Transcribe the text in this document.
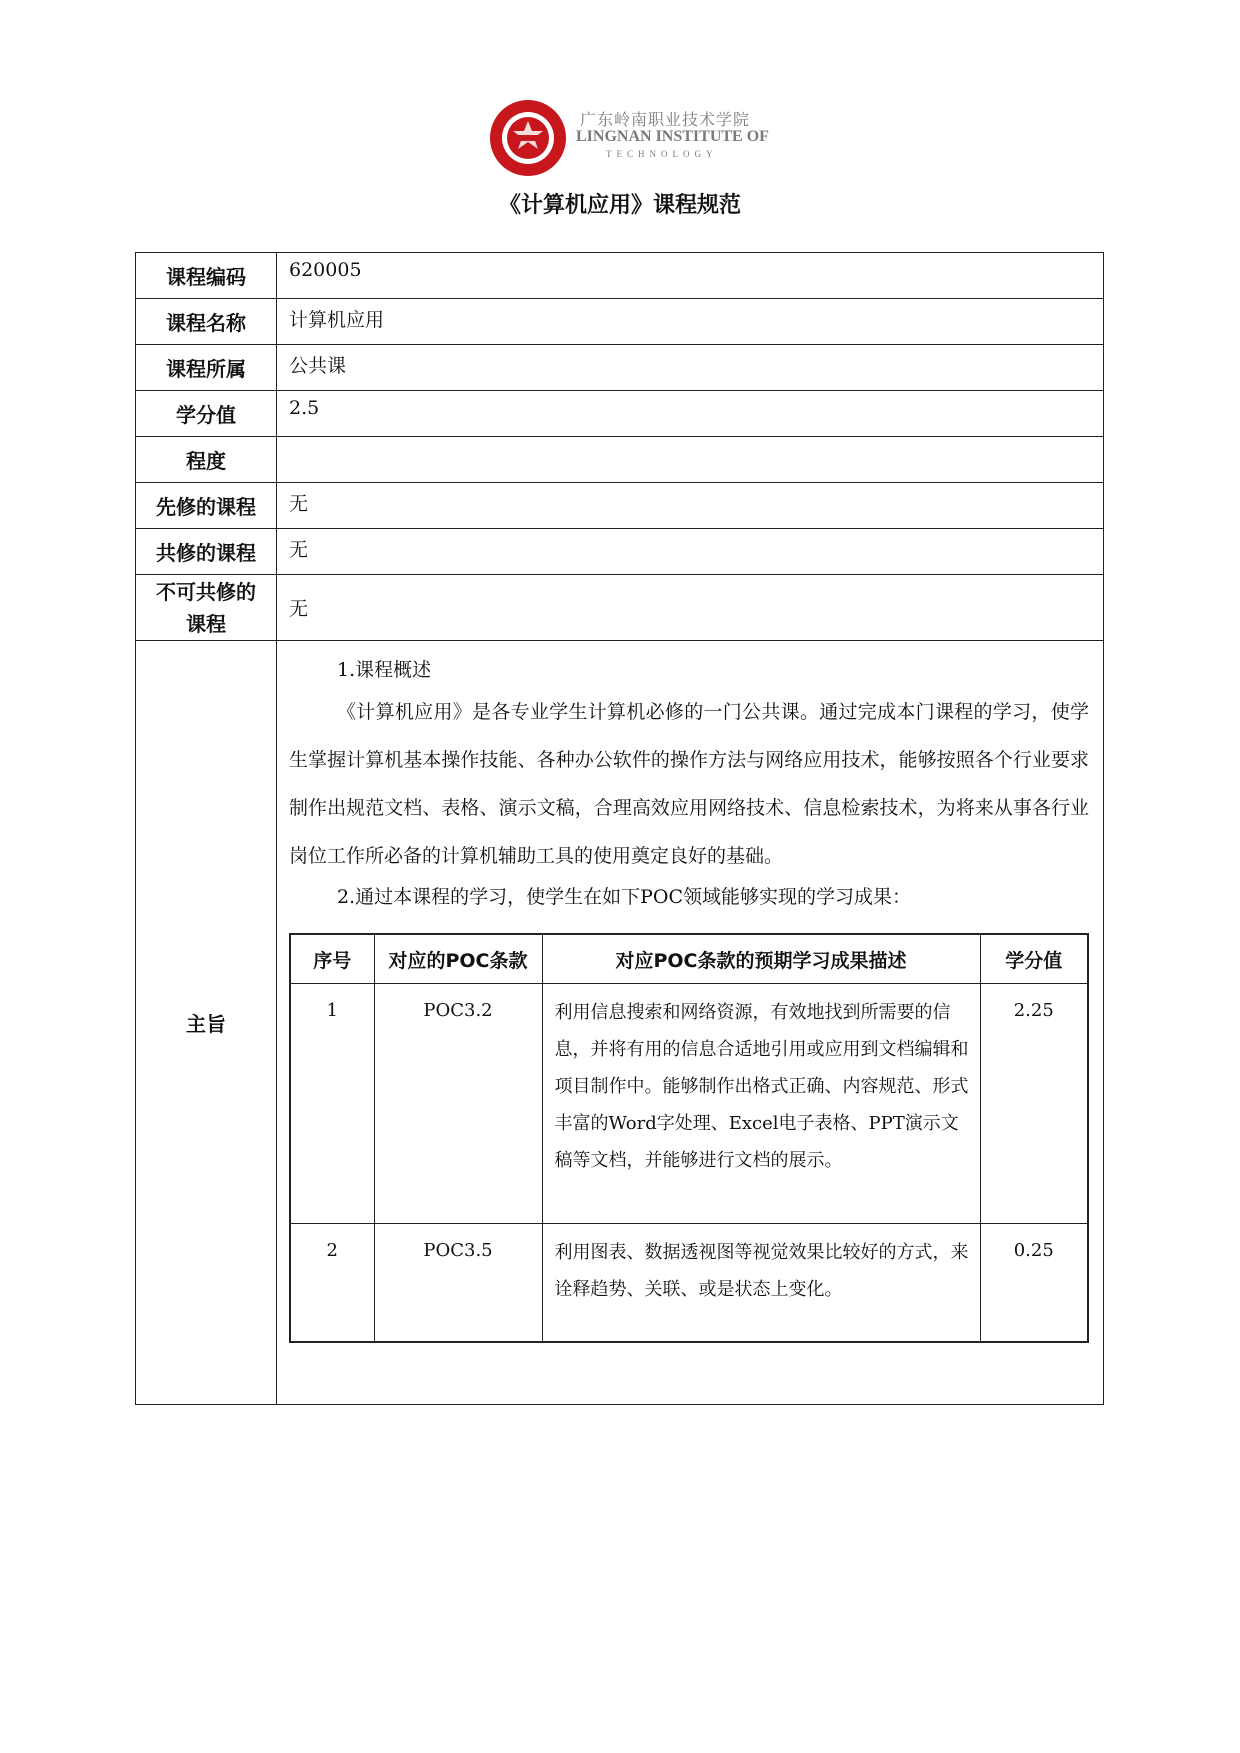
广东岭南职业技术学院
LINGNAN INSTITUTE OF
TECHNOLOGY
《计算机应用》课程规范
课程编码	620005
课程名称	计算机应用
课程所属	公共课
学分值	2.5
程度	
先修的课程	无
共修的课程	无

不可共修的
课程
	无
主旨	
1.课程概述

《计算机应用》是各专业学生计算机必修的一门公共课。通过完成本门课程的学习，使学生掌握计算机基本操作技能、各种办公软件的操作方法与网络应用技术，能够按照各个行业要求制作出规范文档、表格、演示文稿，合理高效应用网络技术、信息检索技术，为将来从事各行业岗位工作所必备的计算机辅助工具的使用奠定良好的基础。

2.通过本课程的学习，使学生在如下POC领域能够实现的学习成果：
序号	对应的POC条款	对应POC条款的预期学习成果描述	学分值
1	POC3.2	利用信息搜索和网络资源，有效地找到所需要的信息，并将有用的信息合适地引用或应用到文档编辑和项目制作中。能够制作出格式正确、内容规范、形式丰富的Word字处理、Excel电子表格、PPT演示文稿等文档，并能够进行文档的展示。	2.25
2	POC3.5	利用图表、数据透视图等视觉效果比较好的方式，来诠释趋势、关联、或是状态上变化。	0.25
